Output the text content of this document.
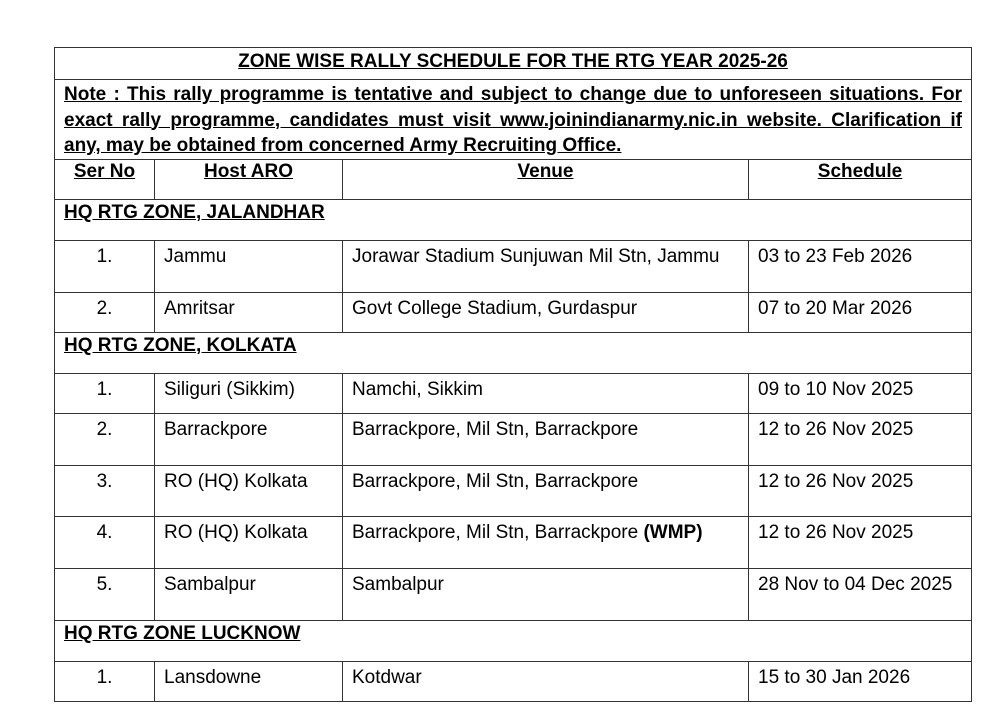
ZONE WISE RALLY SCHEDULE FOR THE RTG YEAR 2025-26			
Note : This rally programme is tentative and subject to change due to unforeseen situations. For exact rally programme, candidates must visit www.joinindianarmy.nic.in website. Clarification if any, may be obtained from concerned Army Recruiting Office.			
Ser No	Host ARO	Venue	Schedule
HQ RTG ZONE, JALANDHAR			
1.	Jammu	Jorawar Stadium Sunjuwan Mil Stn, Jammu	03 to 23 Feb 2026
2.	Amritsar	Govt College Stadium, Gurdaspur	07 to 20 Mar 2026
HQ RTG ZONE, KOLKATA			
1.	Siliguri (Sikkim)	Namchi, Sikkim	09 to 10 Nov 2025
2.	Barrackpore	Barrackpore, Mil Stn, Barrackpore	12 to 26 Nov 2025
3.	RO (HQ) Kolkata	Barrackpore, Mil Stn, Barrackpore	12 to 26 Nov 2025
4.	RO (HQ) Kolkata	Barrackpore, Mil Stn, Barrackpore (WMP)	12 to 26 Nov 2025
5.	Sambalpur	Sambalpur	28 Nov to 04 Dec 2025
HQ RTG ZONE LUCKNOW			
1.	Lansdowne	Kotdwar	15 to 30 Jan 2026
